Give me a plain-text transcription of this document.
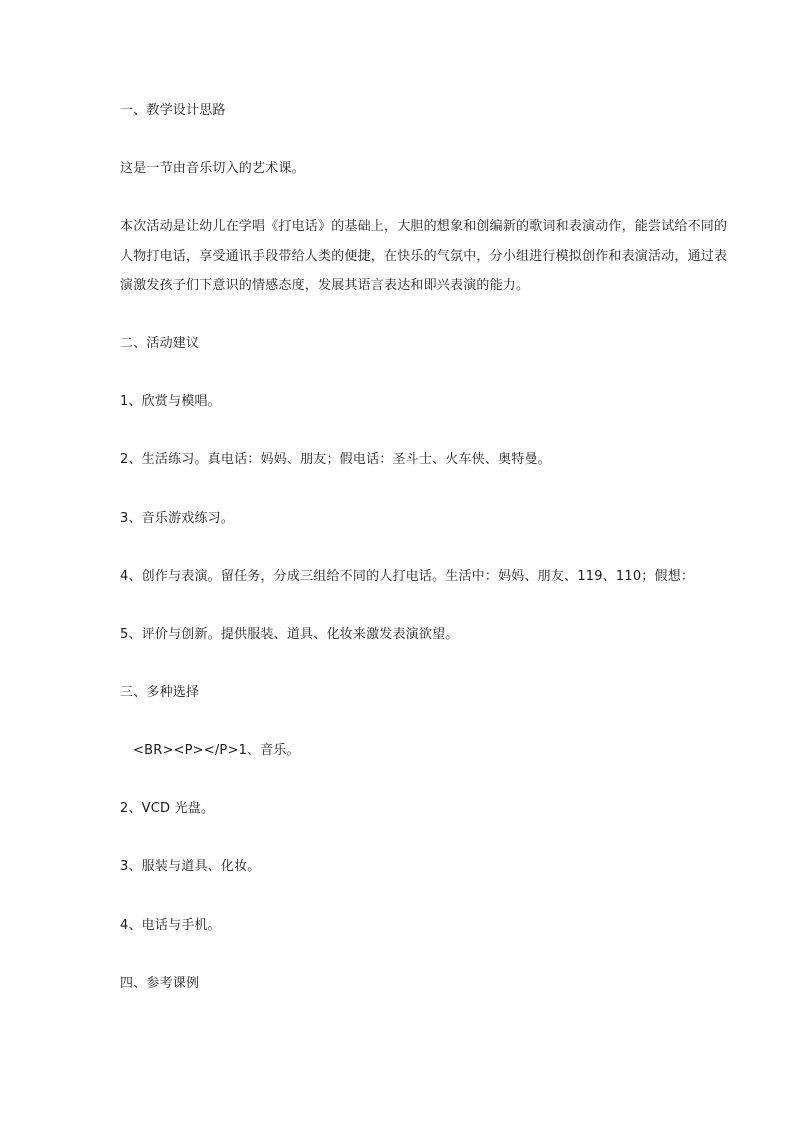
一、教学设计思路
这是一节由音乐切入的艺术课。
本次活动是让幼儿在学唱《打电话》的基础上，大胆的想象和创编新的歌词和表演动作，能尝试给不同的
人物打电话，享受通讯手段带给人类的便捷，在快乐的气氛中，分小组进行模拟创作和表演活动，通过表
演激发孩子们下意识的情感态度，发展其语言表达和即兴表演的能力。
二、活动建议
1、欣赏与模唱。
2、生活练习。真电话：妈妈、朋友；假电话：圣斗士、火车侠、奥特曼。
3、音乐游戏练习。
4、创作与表演。留任务，分成三组给不同的人打电话。生活中：妈妈、朋友、119、110；假想：
5、评价与创新。提供服装、道具、化妆来激发表演欲望。
三、多种选择
<BR><P></P>1、音乐。
2、VCD 光盘。
3、服装与道具、化妆。
4、电话与手机。
四、参考课例
